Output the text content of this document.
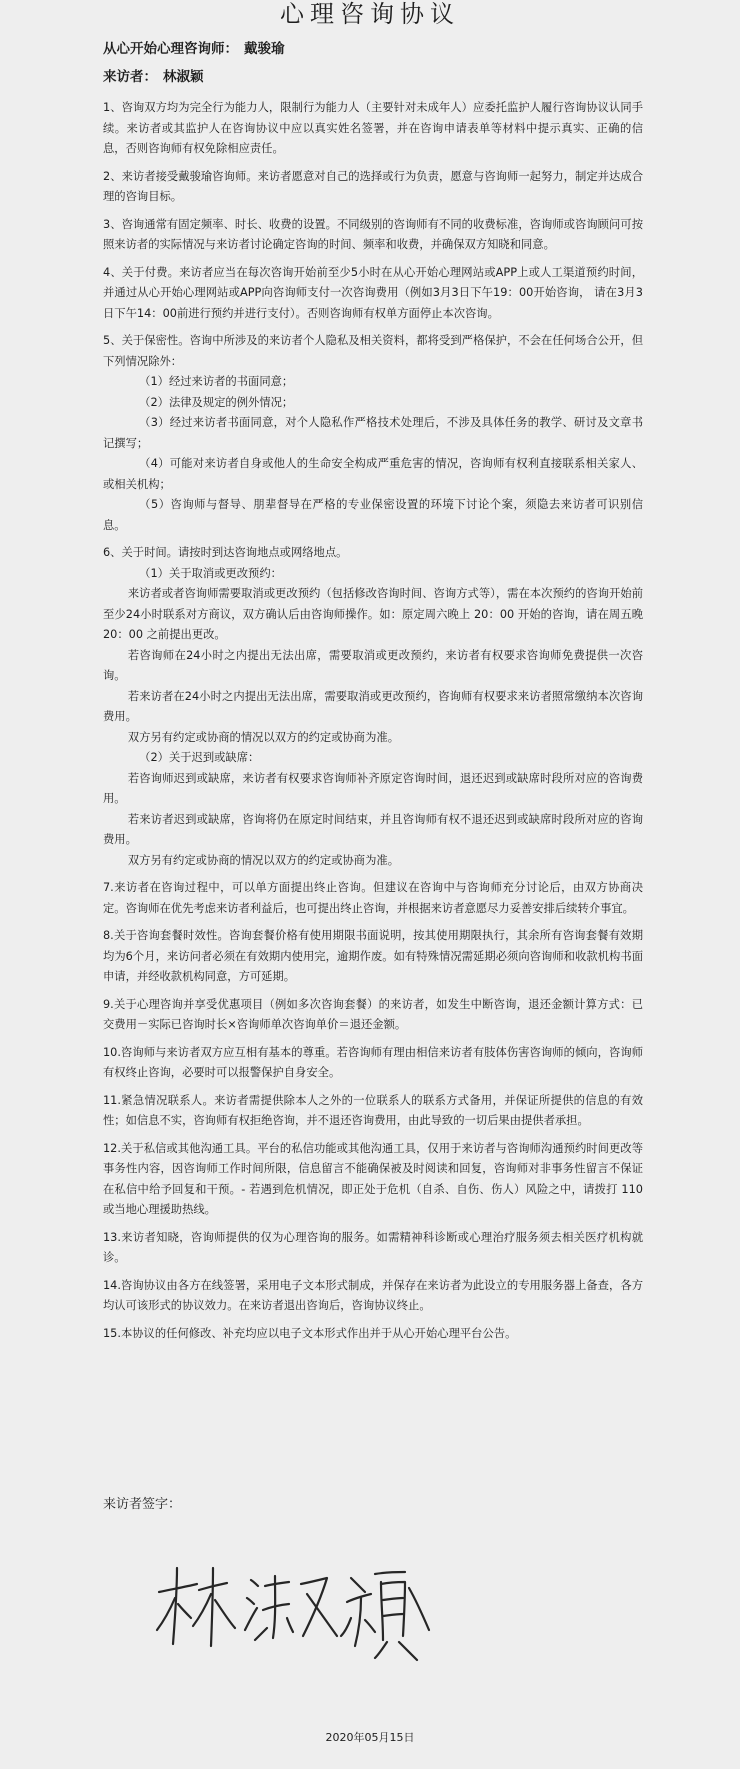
心理咨询协议
从心开始心理咨询师： 戴骏瑜
来访者： 林淑颖

1、咨询双方均为完全行为能力人，限制行为能力人（主要针对未成年人）应委托监护人履行咨询协议认同手续。来访者或其监护人在咨询协议中应以真实姓名签署，并在咨询申请表单等材料中提示真实、正确的信息，否则咨询师有权免除相应责任。

2、来访者接受戴骏瑜咨询师。来访者愿意对自己的选择或行为负责，愿意与咨询师一起努力，制定并达成合理的咨询目标。

3、咨询通常有固定频率、时长、收费的设置。不同级别的咨询师有不同的收费标准，咨询师或咨询顾问可按照来访者的实际情况与来访者讨论确定咨询的时间、频率和收费，并确保双方知晓和同意。

4、关于付费。来访者应当在每次咨询开始前至少5小时在从心开始心理网站或APP上或人工渠道预约时间，并通过从心开始心理网站或APP向咨询师支付一次咨询费用（例如3月3日下午19：00开始咨询， 请在3月3日下午14：00前进行预约并进行支付）。否则咨询师有权单方面停止本次咨询。

5、关于保密性。咨询中所涉及的来访者个人隐私及相关资料，都将受到严格保护，不会在任何场合公开，但下列情况除外：

（1）经过来访者的书面同意；

（2）法律及规定的例外情况；

（3）经过来访者书面同意，对个人隐私作严格技术处理后，不涉及具体任务的教学、研讨及文章书记撰写；

（4）可能对来访者自身或他人的生命安全构成严重危害的情况，咨询师有权利直接联系相关家人、或相关机构；

（5）咨询师与督导、朋辈督导在严格的专业保密设置的环境下讨论个案，须隐去来访者可识别信息。

6、关于时间。请按时到达咨询地点或网络地点。

（1）关于取消或更改预约：

来访者或者咨询师需要取消或更改预约（包括修改咨询时间、咨询方式等），需在本次预约的咨询开始前至少24小时联系对方商议，双方确认后由咨询师操作。如：原定周六晚上 20：00 开始的咨询，请在周五晚 20：00 之前提出更改。

若咨询师在24小时之内提出无法出席，需要取消或更改预约，来访者有权要求咨询师免费提供一次咨询。

若来访者在24小时之内提出无法出席，需要取消或更改预约，咨询师有权要求来访者照常缴纳本次咨询费用。

双方另有约定或协商的情况以双方的约定或协商为准。

（2）关于迟到或缺席：

若咨询师迟到或缺席，来访者有权要求咨询师补齐原定咨询时间，退还迟到或缺席时段所对应的咨询费用。

若来访者迟到或缺席，咨询将仍在原定时间结束，并且咨询师有权不退还迟到或缺席时段所对应的咨询费用。

双方另有约定或协商的情况以双方的约定或协商为准。

7.来访者在咨询过程中，可以单方面提出终止咨询。但建议在咨询中与咨询师充分讨论后，由双方协商决定。咨询师在优先考虑来访者利益后，也可提出终止咨询，并根据来访者意愿尽力妥善安排后续转介事宜。

8.关于咨询套餐时效性。咨询套餐价格有使用期限书面说明，按其使用期限执行，其余所有咨询套餐有效期均为6个月，来访问者必须在有效期内使用完，逾期作废。如有特殊情况需延期必须向咨询师和收款机构书面申请，并经收款机构同意，方可延期。

9.关于心理咨询并享受优惠项目（例如多次咨询套餐）的来访者，如发生中断咨询，退还金额计算方式：已交费用－实际已咨询时长×咨询师单次咨询单价＝退还金额。

10.咨询师与来访者双方应互相有基本的尊重。若咨询师有理由相信来访者有肢体伤害咨询师的倾向，咨询师有权终止咨询，必要时可以报警保护自身安全。

11.紧急情况联系人。来访者需提供除本人之外的一位联系人的联系方式备用，并保证所提供的信息的有效性；如信息不实，咨询师有权拒绝咨询，并不退还咨询费用，由此导致的一切后果由提供者承担。

12.关于私信或其他沟通工具。平台的私信功能或其他沟通工具，仅用于来访者与咨询师沟通预约时间更改等事务性内容，因咨询师工作时间所限，信息留言不能确保被及时阅读和回复，咨询师对非事务性留言不保证在私信中给予回复和干预。- 若遇到危机情况，即正处于危机（自杀、自伤、伤人）风险之中，请拨打 110 或当地心理援助热线。

13.来访者知晓，咨询师提供的仅为心理咨询的服务。如需精神科诊断或心理治疗服务须去相关医疗机构就诊。

14.咨询协议由各方在线签署，采用电子文本形式制成，并保存在来访者为此设立的专用服务器上备查，各方均认可该形式的协议效力。在来访者退出咨询后，咨询协议终止。

15.本协议的任何修改、补充均应以电子文本形式作出并于从心开始心理平台公告。

来访者签字：
2020年05月15日
